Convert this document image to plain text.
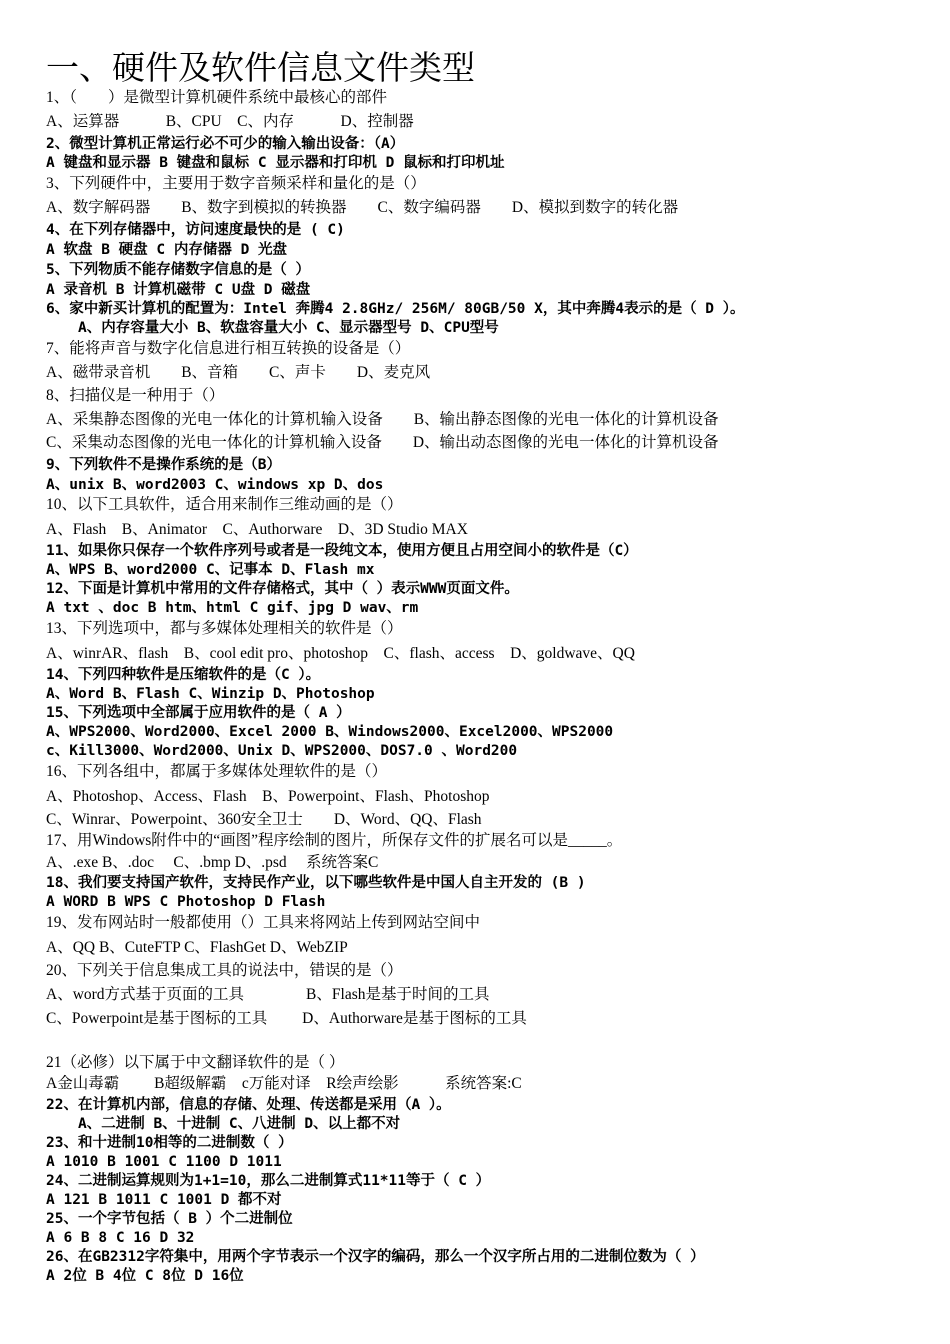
一、硬件及软件信息文件类型
1、（　　）是微型计算机硬件系统中最核心的部件
A、运算器　　　B、CPU　C、内存　　　D、控制器
2、微型计算机正常运行必不可少的输入输出设备：（A）
A 键盘和显示器 B 键盘和鼠标 C 显示器和打印机 D 鼠标和打印机址
3、下列硬件中，主要用于数字音频采样和量化的是（）
A、数字解码器　　B、数字到模拟的转换器　　C、数字编码器　　D、模拟到数字的转化器
4、在下列存储器中，访问速度最快的是 ( C)
A 软盘 B 硬盘 C 内存储器 D 光盘
5、下列物质不能存储数字信息的是（ ）
A 录音机 B 计算机磁带 C U盘 D 磁盘
6、家中新买计算机的配置为：Intel 奔腾4 2.8GHz/ 256M/ 80GB/50 X，其中奔腾4表示的是（ D ）。
A、内存容量大小 B、软盘容量大小 C、显示器型号 D、CPU型号
7、能将声音与数字化信息进行相互转换的设备是（）
A、磁带录音机　　B、音箱　　C、声卡　　D、麦克风
8、扫描仪是一种用于（）
A、采集静态图像的光电一体化的计算机输入设备　　B、输出静态图像的光电一体化的计算机设备
C、采集动态图像的光电一体化的计算机输入设备　　D、输出动态图像的光电一体化的计算机设备
9、下列软件不是操作系统的是（B）
A、unix B、word2003 C、windows xp D、dos
10、以下工具软件，适合用来制作三维动画的是（）
A、Flash　B、Animator　C、Authorware　D、3D Studio MAX
11、如果你只保存一个软件序列号或者是一段纯文本，使用方便且占用空间小的软件是（C）
A、WPS B、word2000 C、记事本 D、Flash mx
12、下面是计算机中常用的文件存储格式，其中（ ）表示WWW页面文件。
A txt 、doc B htm、html C gif、jpg D wav、rm
13、下列选项中，都与多媒体处理相关的软件是（）
A、winrAR、flash　B、cool edit pro、photoshop　C、flash、access　D、goldwave、QQ
14、下列四种软件是压缩软件的是（C ）。
A、Word B、Flash C、Winzip D、Photoshop
15、下列选项中全部属于应用软件的是（ A ）
A、WPS2000、Word2000、Excel 2000 B、Windows2000、Excel2000、WPS2000
c、Kill3000、Word2000、Unix D、WPS2000、DOS7.0 、Word200
16、下列各组中，都属于多媒体处理软件的是（）
A、Photoshop、Access、Flash　B、Powerpoint、Flash、Photoshop
C、Winrar、Powerpoint、360安全卫士　　D、Word、QQ、Flash
17、用Windows附件中的“画图”程序绘制的图片，所保存文件的扩展名可以是_____。
A、.exe B、.doc　 C、.bmp D、.psd　 系统答案C
18、我们要支持国产软件，支持民作产业，以下哪些软件是中国人自主开发的 (B )
A WORD B WPS C Photoshop D Flash
19、发布网站时一般都使用（）工具来将网站上传到网站空间中
A、QQ B、CuteFTP C、FlashGet D、WebZIP
20、下列关于信息集成工具的说法中，错误的是（）
A、word方式基于页面的工具　　　　B、Flash是基于时间的工具
C、Powerpoint是基于图标的工具　　 D、Authorware是基于图标的工具
21（必修）以下属于中文翻译软件的是（ ）
A金山毒霸　　 B超级解霸　c万能对译　R绘声绘影　　　系统答案:C
22、在计算机内部，信息的存储、处理、传送都是采用（A ）。
A、二进制 B、十进制 C、八进制 D、以上都不对
23、和十进制10相等的二进制数（ ）
A 1010 B 1001 C 1100 D 1011
24、二进制运算规则为1+1=10，那么二进制算式11*11等于（ C ）
A 121 B 1011 C 1001 D 都不对
25、一个字节包括（ B ）个二进制位
A 6 B 8 C 16 D 32
26、在GB2312字符集中，用两个字节表示一个汉字的编码，那么一个汉字所占用的二进制位数为（ ）
A 2位 B 4位 C 8位 D 16位
